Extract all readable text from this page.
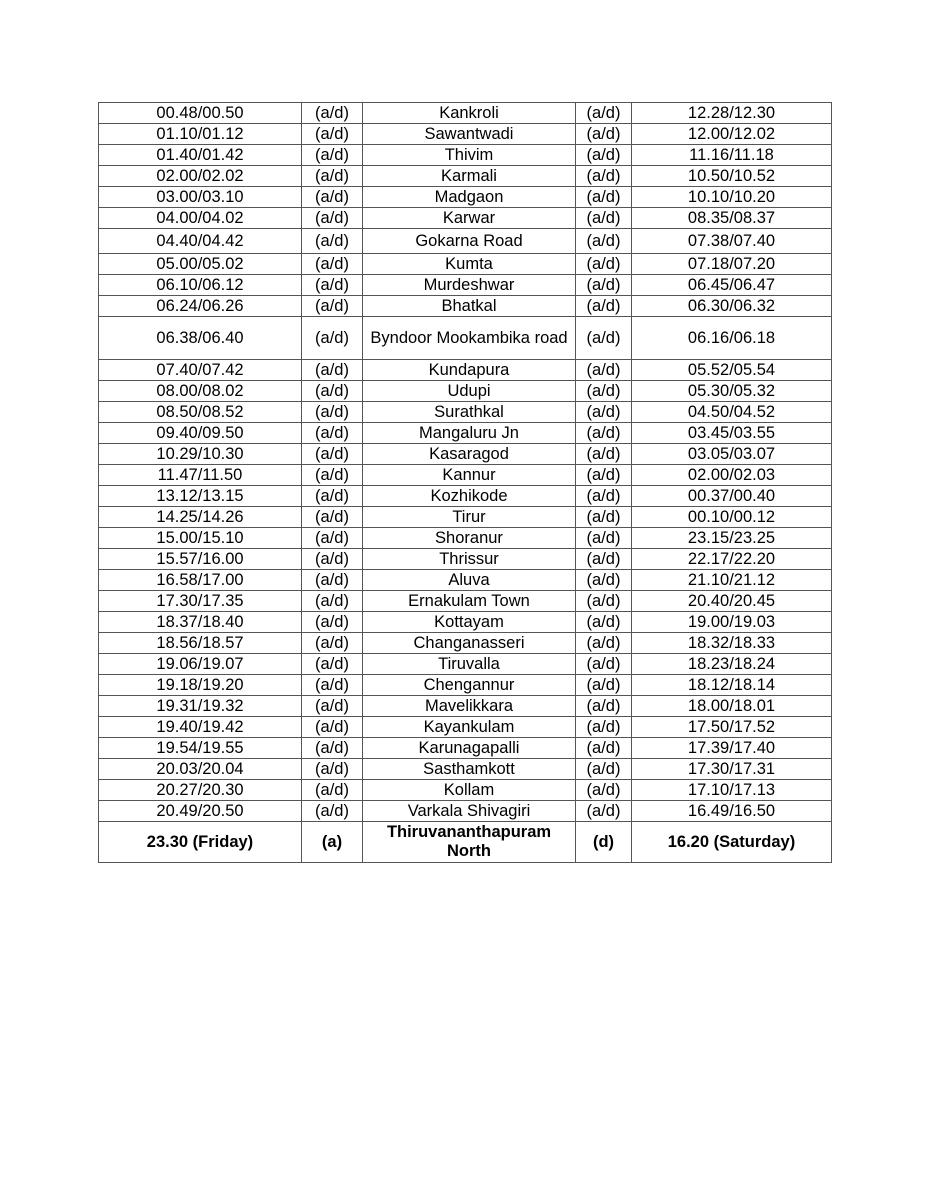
00.48/00.50	(a/d)	Kankroli	(a/d)	12.28/12.30
01.10/01.12	(a/d)	Sawantwadi	(a/d)	12.00/12.02
01.40/01.42	(a/d)	Thivim	(a/d)	11.16/11.18
02.00/02.02	(a/d)	Karmali	(a/d)	10.50/10.52
03.00/03.10	(a/d)	Madgaon	(a/d)	10.10/10.20
04.00/04.02	(a/d)	Karwar	(a/d)	08.35/08.37
04.40/04.42	(a/d)	Gokarna Road	(a/d)	07.38/07.40
05.00/05.02	(a/d)	Kumta	(a/d)	07.18/07.20
06.10/06.12	(a/d)	Murdeshwar	(a/d)	06.45/06.47
06.24/06.26	(a/d)	Bhatkal	(a/d)	06.30/06.32
06.38/06.40	(a/d)	Byndoor Mookambika road	(a/d)	06.16/06.18
07.40/07.42	(a/d)	Kundapura	(a/d)	05.52/05.54
08.00/08.02	(a/d)	Udupi	(a/d)	05.30/05.32
08.50/08.52	(a/d)	Surathkal	(a/d)	04.50/04.52
09.40/09.50	(a/d)	Mangaluru Jn	(a/d)	03.45/03.55
10.29/10.30	(a/d)	Kasaragod	(a/d)	03.05/03.07
11.47/11.50	(a/d)	Kannur	(a/d)	02.00/02.03
13.12/13.15	(a/d)	Kozhikode	(a/d)	00.37/00.40
14.25/14.26	(a/d)	Tirur	(a/d)	00.10/00.12
15.00/15.10	(a/d)	Shoranur	(a/d)	23.15/23.25
15.57/16.00	(a/d)	Thrissur	(a/d)	22.17/22.20
16.58/17.00	(a/d)	Aluva	(a/d)	21.10/21.12
17.30/17.35	(a/d)	Ernakulam Town	(a/d)	20.40/20.45
18.37/18.40	(a/d)	Kottayam	(a/d)	19.00/19.03
18.56/18.57	(a/d)	Changanasseri	(a/d)	18.32/18.33
19.06/19.07	(a/d)	Tiruvalla	(a/d)	18.23/18.24
19.18/19.20	(a/d)	Chengannur	(a/d)	18.12/18.14
19.31/19.32	(a/d)	Mavelikkara	(a/d)	18.00/18.01
19.40/19.42	(a/d)	Kayankulam	(a/d)	17.50/17.52
19.54/19.55	(a/d)	Karunagapalli	(a/d)	17.39/17.40
20.03/20.04	(a/d)	Sasthamkott	(a/d)	17.30/17.31
20.27/20.30	(a/d)	Kollam	(a/d)	17.10/17.13
20.49/20.50	(a/d)	Varkala Shivagiri	(a/d)	16.49/16.50
23.30 (Friday)	(a)	Thiruvananthapuram North	(d)	16.20 (Saturday)
